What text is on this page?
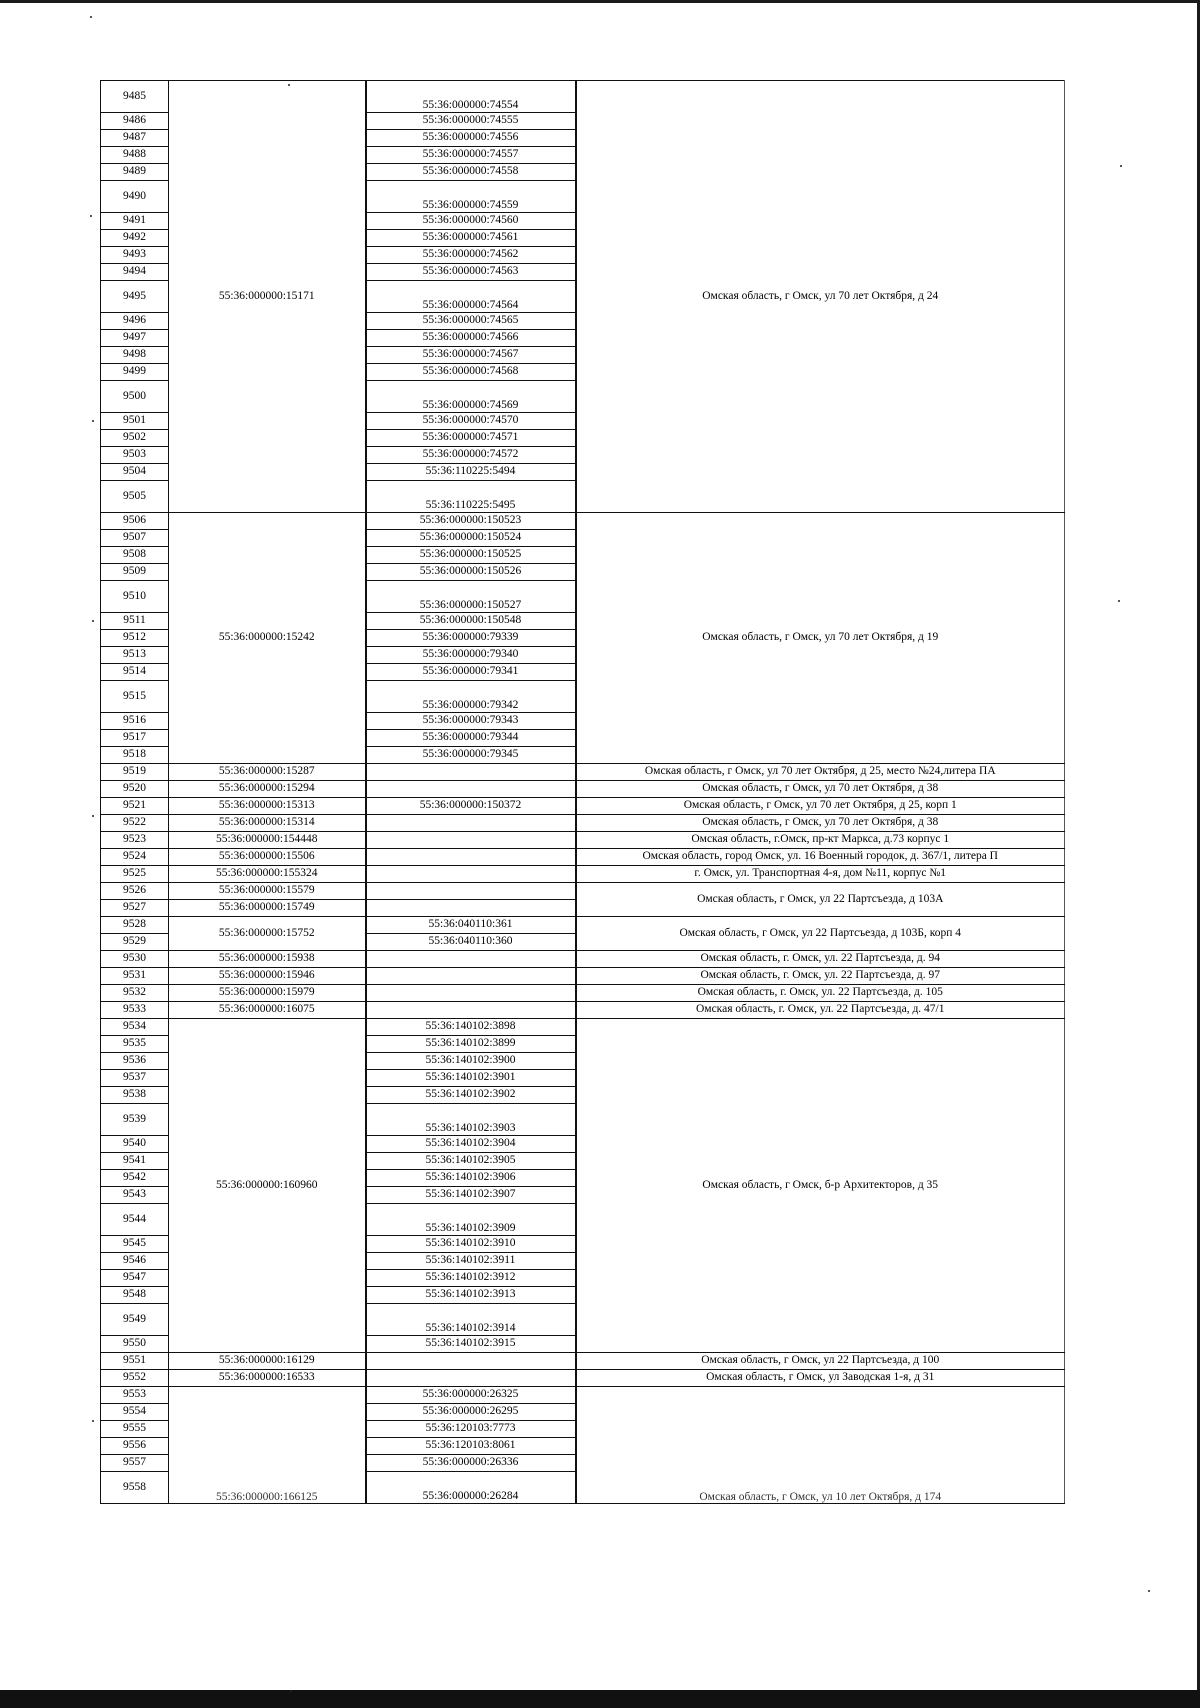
9485	55:36:000000:15171	55:36:000000:74554	Омская область, г Омск, ул 70 лет Октября, д 24
9486		55:36:000000:74555	
9487		55:36:000000:74556	
9488		55:36:000000:74557	
9489		55:36:000000:74558	
9490		55:36:000000:74559	
9491		55:36:000000:74560	
9492		55:36:000000:74561	
9493		55:36:000000:74562	
9494		55:36:000000:74563	
9495		55:36:000000:74564	
9496		55:36:000000:74565	
9497		55:36:000000:74566	
9498		55:36:000000:74567	
9499		55:36:000000:74568	
9500		55:36:000000:74569	
9501		55:36:000000:74570	
9502		55:36:000000:74571	
9503		55:36:000000:74572	
9504		55:36:110225:5494	
9505		55:36:110225:5495	
9506	55:36:000000:15242	55:36:000000:150523	Омская область, г Омск, ул 70 лет Октября, д 19
9507		55:36:000000:150524	
9508		55:36:000000:150525	
9509		55:36:000000:150526	
9510		55:36:000000:150527	
9511		55:36:000000:150548	
9512		55:36:000000:79339	
9513		55:36:000000:79340	
9514		55:36:000000:79341	
9515		55:36:000000:79342	
9516		55:36:000000:79343	
9517		55:36:000000:79344	
9518		55:36:000000:79345	
9519	55:36:000000:15287		Омская область, г Омск, ул 70 лет Октября, д 25, место №24,литера ПА
9520	55:36:000000:15294		Омская область, г Омск, ул 70 лет Октября, д 38
9521	55:36:000000:15313	55:36:000000:150372	Омская область, г Омск, ул 70 лет Октября, д 25, корп 1
9522	55:36:000000:15314		Омская область, г Омск, ул 70 лет Октября, д 38
9523	55:36:000000:154448		Омская область, г.Омск, пр-кт Маркса, д.73 корпус 1
9524	55:36:000000:15506		Омская область, город Омск, ул. 16 Военный городок, д. 367/1, литера П
9525	55:36:000000:155324		г. Омск, ул. Транспортная 4-я, дом №11, корпус №1
9526	55:36:000000:15579		Омская область, г Омск, ул 22 Партсъезда, д 103А
9527	55:36:000000:15749		
9528	55:36:000000:15752	55:36:040110:361	Омская область, г Омск, ул 22 Партсъезда, д 103Б, корп 4
9529		55:36:040110:360	
9530	55:36:000000:15938		Омская область, г. Омск, ул. 22 Партсъезда, д. 94
9531	55:36:000000:15946		Омская область, г. Омск, ул. 22 Партсъезда, д. 97
9532	55:36:000000:15979		Омская область, г. Омск, ул. 22 Партсъезда, д. 105
9533	55:36:000000:16075		Омская область, г. Омск, ул. 22 Партсъезда, д. 47/1
9534	55:36:000000:160960	55:36:140102:3898	Омская область, г Омск, б-р Архитекторов, д 35
9535		55:36:140102:3899	
9536		55:36:140102:3900	
9537		55:36:140102:3901	
9538		55:36:140102:3902	
9539		55:36:140102:3903	
9540		55:36:140102:3904	
9541		55:36:140102:3905	
9542		55:36:140102:3906	
9543		55:36:140102:3907	
9544		55:36:140102:3909	
9545		55:36:140102:3910	
9546		55:36:140102:3911	
9547		55:36:140102:3912	
9548		55:36:140102:3913	
9549		55:36:140102:3914	
9550		55:36:140102:3915	
9551	55:36:000000:16129		Омская область, г Омск, ул 22 Партсъезда, д 100
9552	55:36:000000:16533		Омская область, г Омск, ул Заводская 1-я, д 31
9553	55:36:000000:166125	55:36:000000:26325	Омская область, г Омск, ул 10 лет Октября, д 174
9554		55:36:000000:26295	
9555		55:36:120103:7773	
9556		55:36:120103:8061	
9557		55:36:000000:26336	
9558		55:36:000000:26284	
